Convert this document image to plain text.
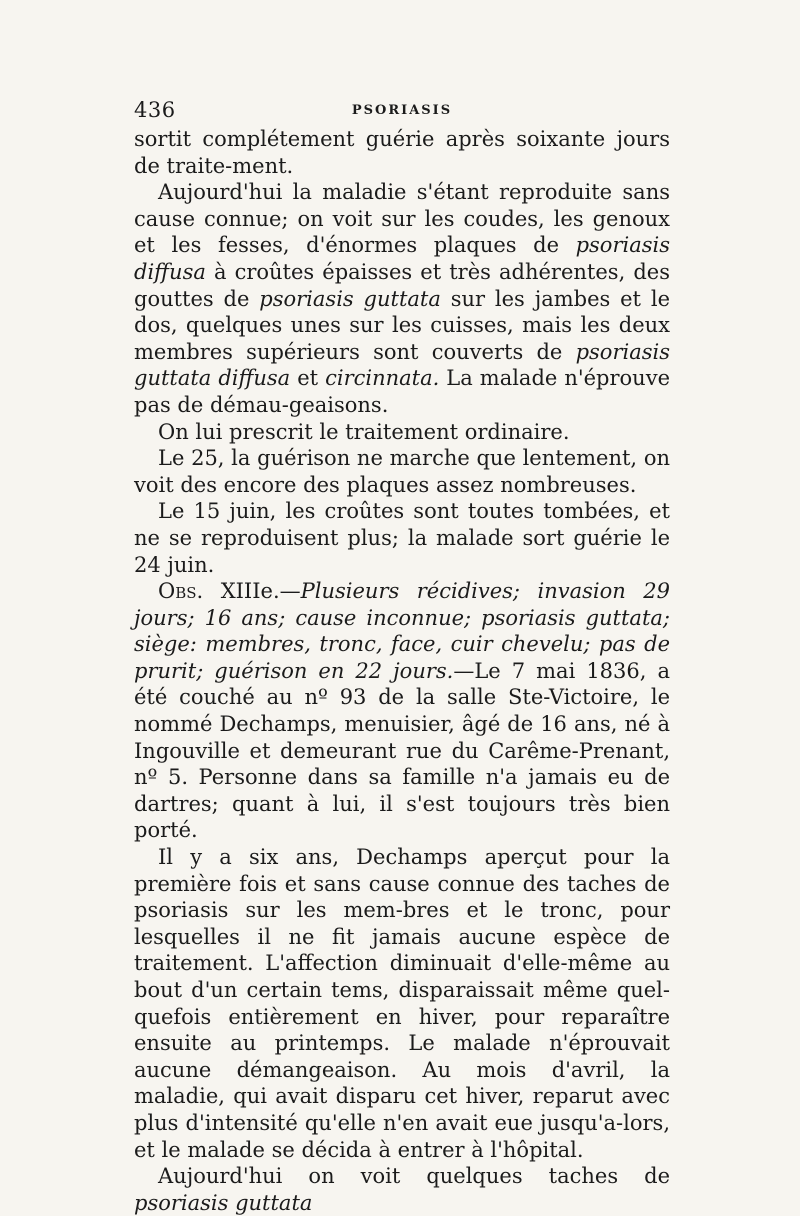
436	PSORIASIS

sortit complétement guérie après soixante jours de traite-ment.

Aujourd'hui la maladie s'étant reproduite sans cause connue; on voit sur les coudes, les genoux et les fesses, d'énormes plaques de psoriasis diffusa à croûtes épaisses et très adhérentes, des gouttes de psoriasis guttata sur les jambes et le dos, quelques unes sur les cuisses, mais les deux membres supérieurs sont couverts de psoriasis guttata diffusa et circinnata. La malade n'éprouve pas de démau-geaisons.

On lui prescrit le traitement ordinaire.

Le 25, la guérison ne marche que lentement, on voit des encore des plaques assez nombreuses.

Le 15 juin, les croûtes sont toutes tombées, et ne se reproduisent plus; la malade sort guérie le 24 juin.

Obs. XIIIe.—Plusieurs récidives; invasion 29 jours; 16 ans; cause inconnue; psoriasis guttata; siège: membres, tronc, face, cuir chevelu; pas de prurit; guérison en 22 jours.—Le 7 mai 1836, a été couché au nº 93 de la salle Ste-Victoire, le nommé Dechamps, menuisier, âgé de 16 ans, né à Ingouville et demeurant rue du Carême-Prenant, nº 5. Personne dans sa famille n'a jamais eu de dartres; quant à lui, il s'est toujours très bien porté.

Il y a six ans, Dechamps aperçut pour la première fois et sans cause connue des taches de psoriasis sur les mem-bres et le tronc, pour lesquelles il ne fit jamais aucune espèce de traitement. L'affection diminuait d'elle-même au bout d'un certain tems, disparaissait même quel-quefois entièrement en hiver, pour reparaître ensuite au printemps. Le malade n'éprouvait aucune démangeaison. Au mois d'avril, la maladie, qui avait disparu cet hiver, reparut avec plus d'intensité qu'elle n'en avait eue jusqu'a-lors, et le malade se décida à entrer à l'hôpital.

Aujourd'hui on voit quelques taches de psoriasis guttata
